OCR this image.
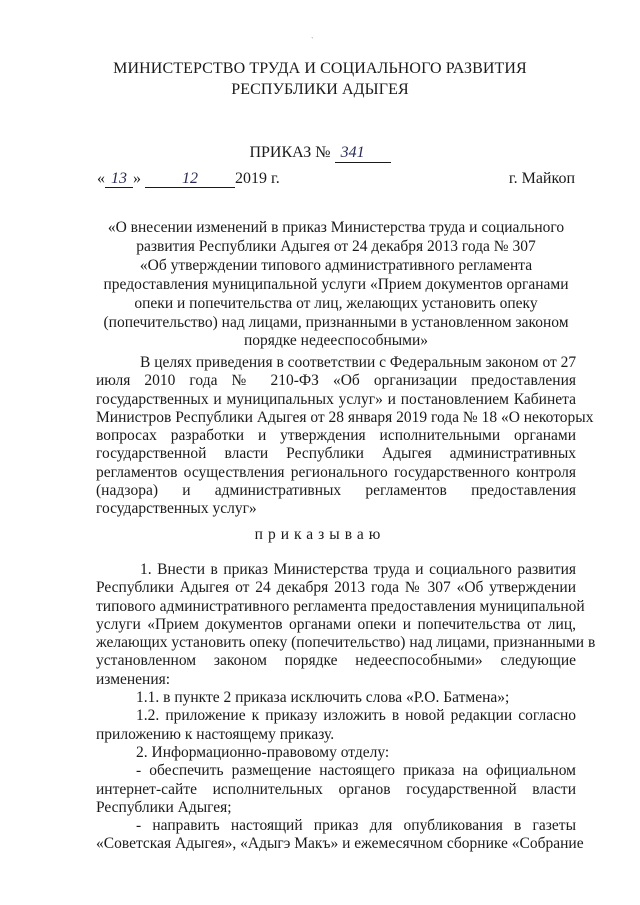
`
МИНИСТЕРСТВО ТРУДА И СОЦИАЛЬНОГО РАЗВИТИЯ
РЕСПУБЛИКИ АДЫГЕЯ
ПРИКАЗ № 341
« 13 »	12 2019 г.	г. Майкоп
«О внесении изменений в приказ Министерства труда и социального
развития Республики Адыгея от 24 декабря 2013 года № 307
«Об утверждении типового административного регламента
предоставления муниципальной услуги «Прием документов органами
опеки и попечительства от лиц, желающих установить опеку
(попечительство) над лицами, признанными в установленном законом
порядке недееспособными»
В целях приведения в соответствии с Федеральным законом от 27
июля 2010 года № 210-ФЗ «Об организации предоставления
государственных и муниципальных услуг» и постановлением Кабинета
Министров Республики Адыгея от 28 января 2019 года № 18 «О некоторых
вопросах разработки и утверждения исполнительными органами
государственной власти Республики Адыгея административных
регламентов осуществления регионального государственного контроля
(надзора) и административных регламентов предоставления
государственных услуг»
приказываю
1. Внести в приказ Министерства труда и социального развития
Республики Адыгея от 24 декабря 2013 года № 307 «Об утверждении
типового административного регламента предоставления муниципальной
услуги «Прием документов органами опеки и попечительства от лиц,
желающих установить опеку (попечительство) над лицами, признанными в
установленном законом порядке недееспособными» следующие
изменения:
1.1. в пункте 2 приказа исключить слова «Р.О. Батмена»;
1.2. приложение к приказу изложить в новой редакции согласно
приложению к настоящему приказу.
2. Информационно-правовому отделу:
- обеспечить размещение настоящего приказа на официальном
интернет-сайте исполнительных органов государственной власти
Республики Адыгея;
- направить настоящий приказ для опубликования в газеты
«Советская Адыгея», «Адыгэ Макъ» и ежемесячном сборнике «Собрание
